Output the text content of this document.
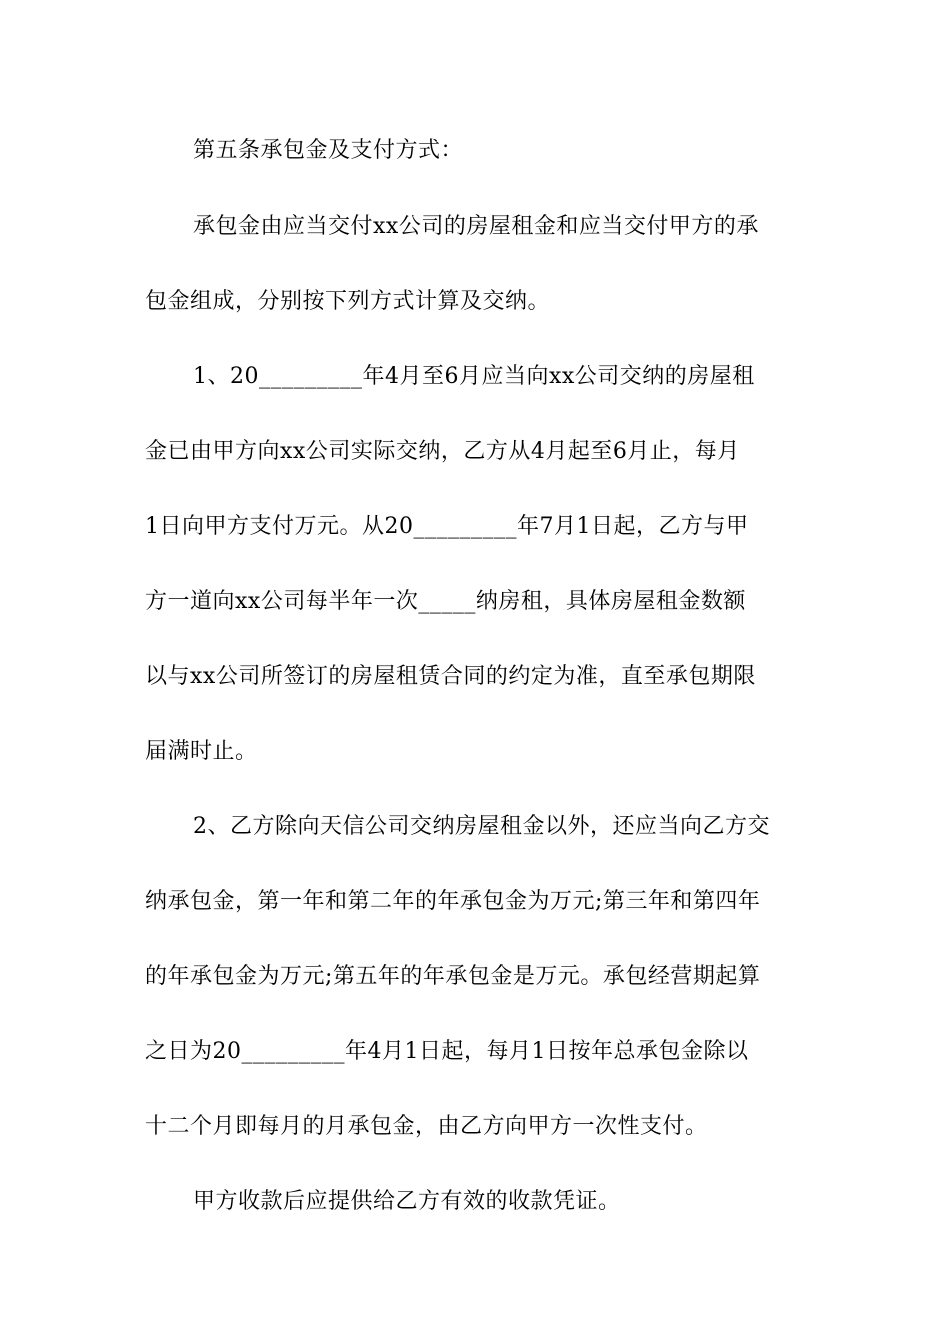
第五条承包金及支付方式：
承包金由应当交付xx公司的房屋租金和应当交付甲方的承
包金组成，分别按下列方式计算及交纳。
1、20_________年4月至6月应当向xx公司交纳的房屋租
金已由甲方向xx公司实际交纳，乙方从4月起至6月止，每月
1日向甲方支付万元。从20_________年7月1日起，乙方与甲
方一道向xx公司每半年一次_____纳房租，具体房屋租金数额
以与xx公司所签订的房屋租赁合同的约定为准，直至承包期限
届满时止。
2、乙方除向天信公司交纳房屋租金以外，还应当向乙方交
纳承包金，第一年和第二年的年承包金为万元;第三年和第四年
的年承包金为万元;第五年的年承包金是万元。承包经营期起算
之日为20_________年4月1日起，每月1日按年总承包金除以
十二个月即每月的月承包金，由乙方向甲方一次性支付。
甲方收款后应提供给乙方有效的收款凭证。
